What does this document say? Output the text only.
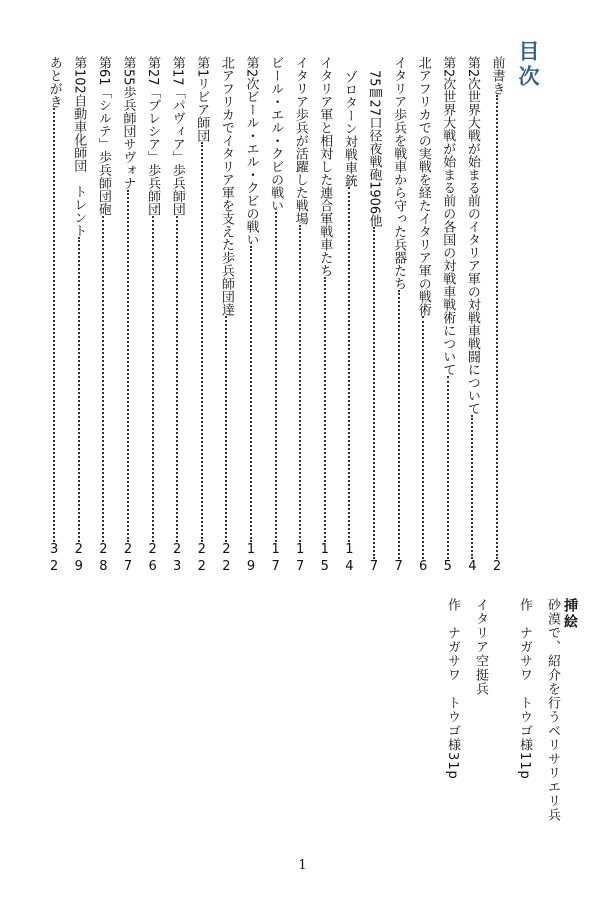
目次
前書き
2
第2次世界大戦が始まる前のイタリア軍の対戦車戦闘について
4
第2次世界大戦が始まる前の各国の対戦車戦術について
5
北アフリカでの実戦を経たイタリア軍の戦術
6
イタリア歩兵を戦車から守った兵器たち
7
75㎜27口径夜戦砲1906他
7
ゾロターン対戦車銃
14
イタリア軍と相対した連合軍戦車たち
15
イタリア歩兵が活躍した戦場
17
ビール・エル・クビの戦い
17
第2次ビール・エル・クビの戦い
19
北アフリカでイタリア軍を支えた歩兵師団達
22
第1リビア師団
22
第17「パヴィア」歩兵師団
23
第27「ブレシア」歩兵師団
26
第55歩兵師団サヴォナ
27
第61「シルテ」歩兵師団砲
28
第102自動車化師団　トレント
29
あとがき
32
挿絵
砂漠で、紹介を行うベリサリエリ兵
作　ナガサワ　トウゴ様11p
イタリア空挺兵
作　ナガサワ　トウゴ様31p
1
